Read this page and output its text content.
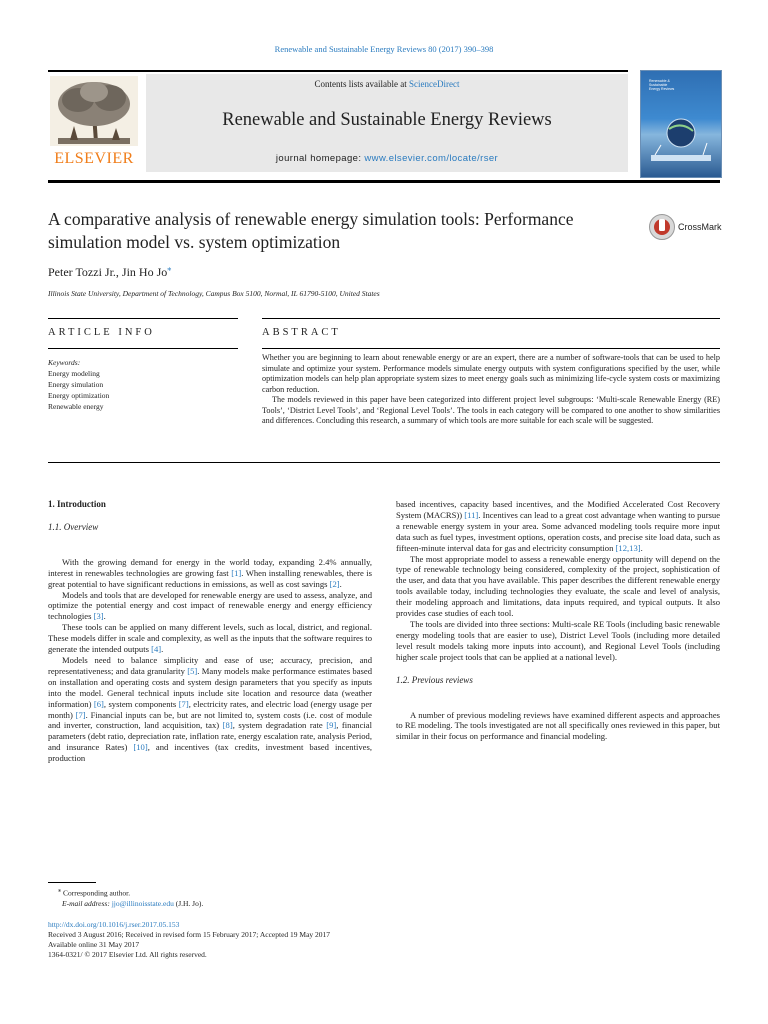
Renewable and Sustainable Energy Reviews 80 (2017) 390–398
ELSEVIER
Contents lists available at ScienceDirect
Renewable and Sustainable Energy Reviews
journal homepage: www.elsevier.com/locate/rser
Renewable &
Sustainable
Energy Reviews
A comparative analysis of renewable energy simulation tools: Performance simulation model vs. system optimization
CrossMark
Peter Tozzi Jr., Jin Ho Jo⁎
Illinois State University, Department of Technology, Campus Box 5100, Normal, IL 61790-5100, United States
ARTICLE INFO	ABSTRACT
Keywords:
Energy modeling
Energy simulation
Energy optimization
Renewable energy

Whether you are beginning to learn about renewable energy or are an expert, there are a number of software-tools that can be used to help simulate and optimize your system. Performance models simulate energy outputs with system configurations specified by the user, while optimization models can help plan appropriate system sizes to meet energy goals such as minimizing life-cycle system costs or maximizing carbon reduction.

The models reviewed in this paper have been categorized into different project level subgroups: ‘Multi-scale Renewable Energy (RE) Tools’, ‘District Level Tools’, and ‘Regional Level Tools’. The tools in each category will be compared to one another to show similarities and differences. Concluding this research, a summary of which tools are more suitable for each scale will be suggested.

1. Introduction
1.1. Overview

With the growing demand for energy in the world today, expanding 2.4% annually, interest in renewables technologies are growing fast [1]. When installing renewables, there is great potential to have significant reductions in emissions, as well as cost savings [2].

Models and tools that are developed for renewable energy are used to assess, analyze, and optimize the potential energy and cost impact of renewable energy and energy efficiency technologies [3].

These tools can be applied on many different levels, such as local, district, and regional. These models differ in scale and complexity, as well as the inputs that the software requires to generate the intended outputs [4].

Models need to balance simplicity and ease of use; accuracy, precision, and representativeness; and data granularity [5]. Many models make performance estimates based on installation and operating costs and system design parameters that you specify as inputs into the model. General technical inputs include site location and resource data (weather information) [6], system components [7], electricity rates, and electric load (energy usage per month) [7]. Financial inputs can be, but are not limited to, system costs (i.e. cost of module and inverter, construction, land acquisition, tax) [8], system degradation rate [9], financial parameters (debt ratio, depreciation rate, inflation rate, energy escalation rate, analysis Period, and insurance Rates) [10], and incentives (tax credits, investment based incentives, production

based incentives, capacity based incentives, and the Modified Accelerated Cost Recovery System (MACRS)) [11]. Incentives can lead to a great cost advantage when wanting to pursue a renewable energy system in your area. Some advanced modeling tools require more input data such as fuel types, investment options, operation costs, and precise site load data, such as fifteen-minute interval data for gas and electricity consumption [12,13].

The most appropriate model to assess a renewable energy opportunity will depend on the type of renewable technology being considered, complexity of the project, sophistication of the user, and data that you have available. This paper describes the different renewable energy tools available today, including technologies they evaluate, the scale and level of analysis, their modeling approach and limitations, data inputs required, and typical outputs. It also provides case studies of each tool.

The tools are divided into three sections: Multi-scale RE Tools (including basic renewable energy modeling tools that are easier to use), District Level Tools (including more detailed level result models taking more inputs into account), and Regional Level Tools (including higher scale project tools that can be applied at a national level).

1.2. Previous reviews

A number of previous modeling reviews have examined different aspects and approaches to RE modeling. The tools investigated are not all specifically ones reviewed in this paper, but similar in their focus on performance and financial modeling.

⁎ Corresponding author.
E-mail address: jjo@illinoisstate.edu (J.H. Jo).
http://dx.doi.org/10.1016/j.rser.2017.05.153
Received 3 August 2016; Received in revised form 15 February 2017; Accepted 19 May 2017
Available online 31 May 2017
1364-0321/ © 2017 Elsevier Ltd. All rights reserved.
